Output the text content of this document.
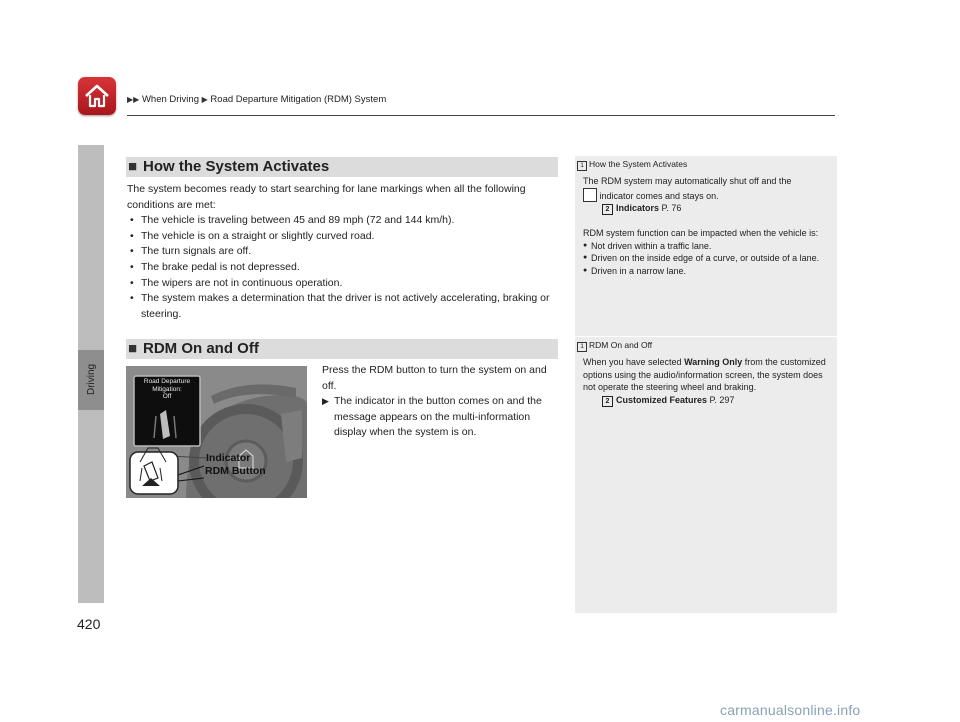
▶▶ When Driving ▶ Road Departure Mitigation (RDM) System
Driving
■ How the System Activates

The system becomes ready to start searching for lane markings when all the following conditions are met:

• The vehicle is traveling between 45 and 89 mph (72 and 144 km/h).
• The vehicle is on a straight or slightly curved road.
• The turn signals are off.
• The brake pedal is not depressed.
• The wipers are not in continuous operation.
• The system makes a determination that the driver is not actively accelerating, braking or steering.
■ RDM On and Off
Road Departure
Mitigation:
Off
Indicator
RDM Button

Press the RDM button to turn the system on and off.

▶ The indicator in the button comes on and the message appears on the multi-information display when the system is on.
1 How the System Activates
The RDM system may automatically shut off and the
indicator comes and stays on.
2 Indicators P. 76
RDM system function can be impacted when the vehicle is:
● Not driven within a traffic lane.
● Driven on the inside edge of a curve, or outside of a lane.
● Driven in a narrow lane.
1 RDM On and Off
When you have selected Warning Only from the customized options using the audio/information screen, the system does not operate the steering wheel and braking.
2 Customized Features P. 297
420
carmanualsonline.info
